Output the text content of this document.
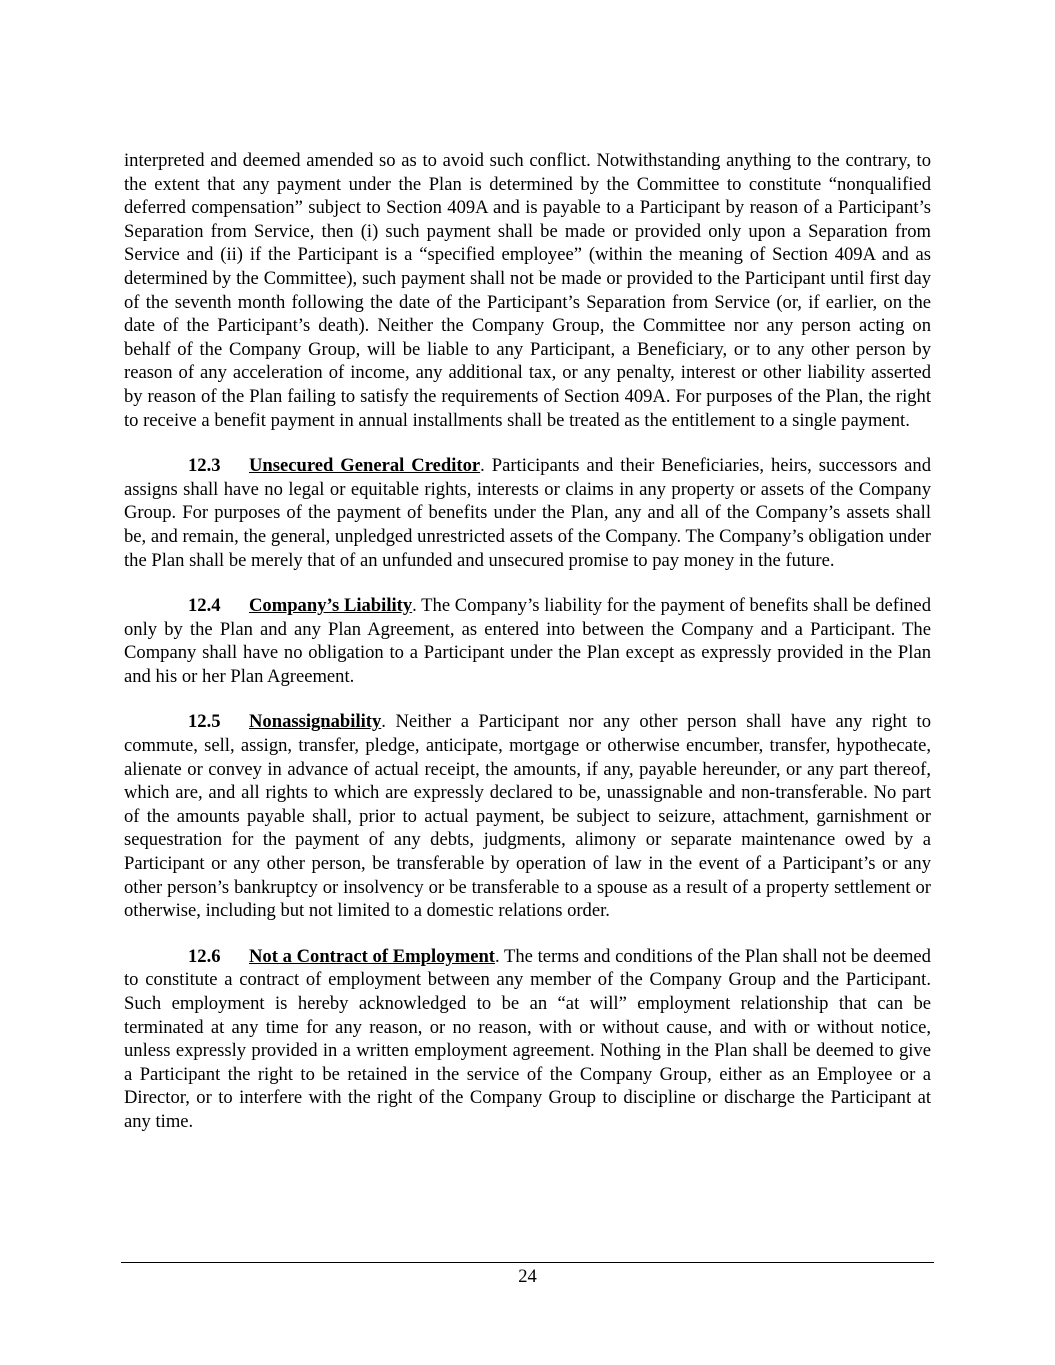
interpreted and deemed amended so as to avoid such conflict. Notwithstanding anything to the contrary, to the extent that any payment under the Plan is determined by the Committee to constitute “nonqualified deferred compensation” subject to Section 409A and is payable to a Participant by reason of a Participant’s Separation from Service, then (i) such payment shall be made or provided only upon a Separation from Service and (ii) if the Participant is a “specified employee” (within the meaning of Section 409A and as determined by the Committee), such payment shall not be made or provided to the Participant until first day of the seventh month following the date of the Participant’s Separation from Service (or, if earlier, on the date of the Participant’s death). Neither the Company Group, the Committee nor any person acting on behalf of the Company Group, will be liable to any Participant, a Beneficiary, or to any other person by reason of any acceleration of income, any additional tax, or any penalty, interest or other liability asserted by reason of the Plan failing to satisfy the requirements of Section 409A. For purposes of the Plan, the right to receive a benefit payment in annual installments shall be treated as the entitlement to a single payment.

12.3 Unsecured General Creditor. Participants and their Beneficiaries, heirs, successors and assigns shall have no legal or equitable rights, interests or claims in any property or assets of the Company Group. For purposes of the payment of benefits under the Plan, any and all of the Company’s assets shall be, and remain, the general, unpledged unrestricted assets of the Company. The Company’s obligation under the Plan shall be merely that of an unfunded and unsecured promise to pay money in the future.

12.4 Company’s Liability. The Company’s liability for the payment of benefits shall be defined only by the Plan and any Plan Agreement, as entered into between the Company and a Participant. The Company shall have no obligation to a Participant under the Plan except as expressly provided in the Plan and his or her Plan Agreement.

12.5 Nonassignability. Neither a Participant nor any other person shall have any right to commute, sell, assign, transfer, pledge, anticipate, mortgage or otherwise encumber, transfer, hypothecate, alienate or convey in advance of actual receipt, the amounts, if any, payable hereunder, or any part thereof, which are, and all rights to which are expressly declared to be, unassignable and non-transferable. No part of the amounts payable shall, prior to actual payment, be subject to seizure, attachment, garnishment or sequestration for the payment of any debts, judgments, alimony or separate maintenance owed by a Participant or any other person, be transferable by operation of law in the event of a Participant’s or any other person’s bankruptcy or insolvency or be transferable to a spouse as a result of a property settlement or otherwise, including but not limited to a domestic relations order.

12.6 Not a Contract of Employment. The terms and conditions of the Plan shall not be deemed to constitute a contract of employment between any member of the Company Group and the Participant. Such employment is hereby acknowledged to be an “at will” employment relationship that can be terminated at any time for any reason, or no reason, with or without cause, and with or without notice, unless expressly provided in a written employment agreement. Nothing in the Plan shall be deemed to give a Participant the right to be retained in the service of the Company Group, either as an Employee or a Director, or to interfere with the right of the Company Group to discipline or discharge the Participant at any time.

24
